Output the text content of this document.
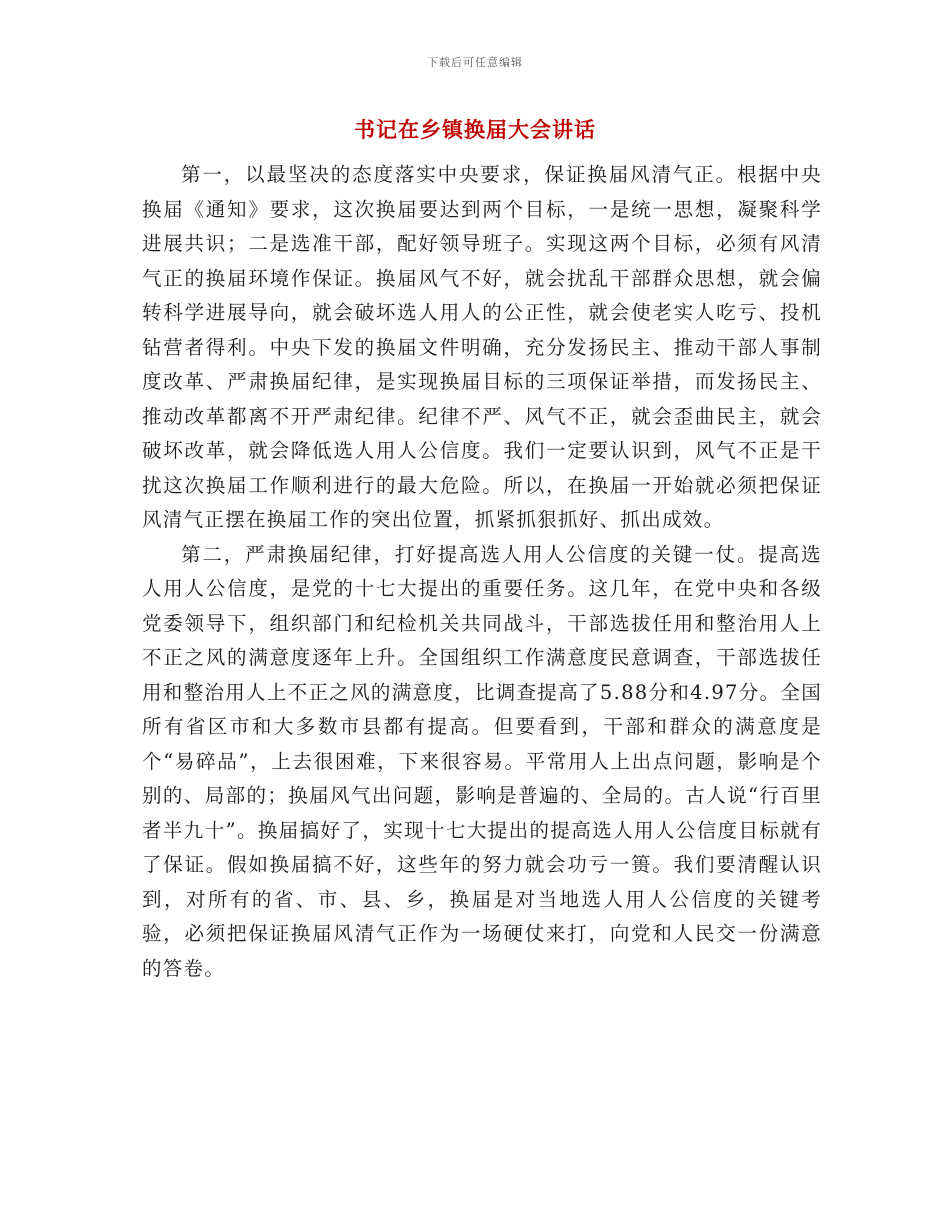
下载后可任意编辑
书记在乡镇换届大会讲话

第一，以最坚决的态度落实中央要求，保证换届风清气正。根据中央换届《通知》要求，这次换届要达到两个目标，一是统一思想，凝聚科学进展共识；二是选准干部，配好领导班子。实现这两个目标，必须有风清气正的换届环境作保证。换届风气不好，就会扰乱干部群众思想，就会偏转科学进展导向，就会破坏选人用人的公正性，就会使老实人吃亏、投机钻营者得利。中央下发的换届文件明确，充分发扬民主、推动干部人事制度改革、严肃换届纪律，是实现换届目标的三项保证举措，而发扬民主、推动改革都离不开严肃纪律。纪律不严、风气不正，就会歪曲民主，就会破坏改革，就会降低选人用人公信度。我们一定要认识到，风气不正是干扰这次换届工作顺利进行的最大危险。所以，在换届一开始就必须把保证风清气正摆在换届工作的突出位置，抓紧抓狠抓好、抓出成效。

第二，严肃换届纪律，打好提高选人用人公信度的关键一仗。提高选人用人公信度，是党的十七大提出的重要任务。这几年，在党中央和各级党委领导下，组织部门和纪检机关共同战斗，干部选拔任用和整治用人上不正之风的满意度逐年上升。全国组织工作满意度民意调查，干部选拔任用和整治用人上不正之风的满意度，比调查提高了5.88分和4.97分。全国所有省区市和大多数市县都有提高。但要看到，干部和群众的满意度是个“易碎品”，上去很困难，下来很容易。平常用人上出点问题，影响是个别的、局部的；换届风气出问题，影响是普遍的、全局的。古人说“行百里者半九十”。换届搞好了，实现十七大提出的提高选人用人公信度目标就有了保证。假如换届搞不好，这些年的努力就会功亏一篑。我们要清醒认识到，对所有的省、市、县、乡，换届是对当地选人用人公信度的关键考验，必须把保证换届风清气正作为一场硬仗来打，向党和人民交一份满意的答卷。
